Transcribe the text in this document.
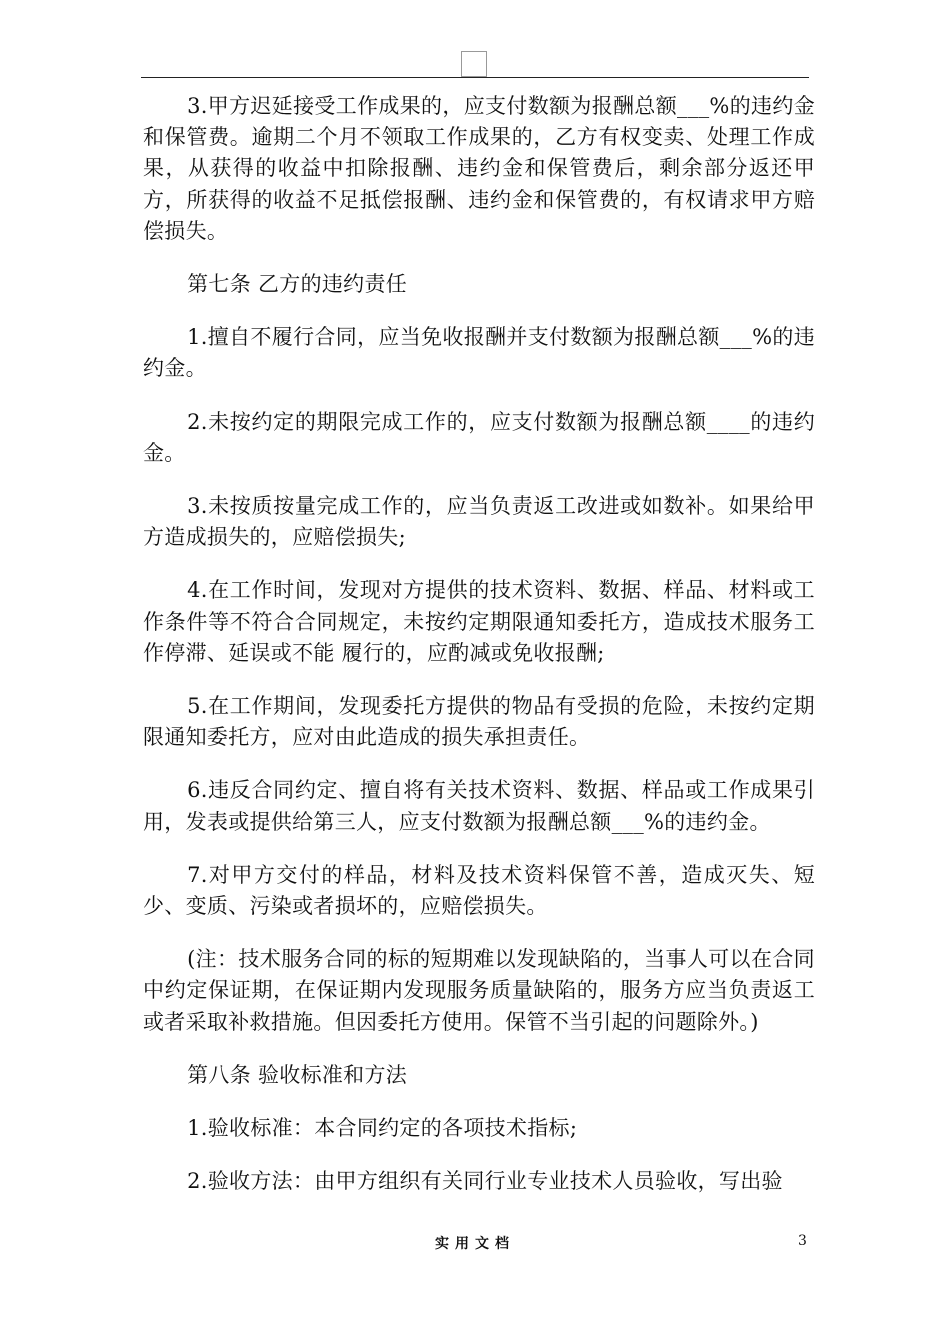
3.甲方迟延接受工作成果的，应支付数额为报酬总额___%的违约金和保管费。逾期二个月不领取工作成果的，乙方有权变卖、处理工作成果，从获得的收益中扣除报酬、违约金和保管费后，剩余部分返还甲方，所获得的收益不足抵偿报酬、违约金和保管费的，有权请求甲方赔偿损失。

第七条 乙方的违约责任

1.擅自不履行合同，应当免收报酬并支付数额为报酬总额___%的违约金。

2.未按约定的期限完成工作的，应支付数额为报酬总额____的违约金。

3.未按质按量完成工作的，应当负责返工改进或如数补。如果给甲方造成损失的，应赔偿损失;

4.在工作时间，发现对方提供的技术资料、数据、样品、材料或工作条件等不符合合同规定，未按约定期限通知委托方，造成技术服务工作停滞、延误或不能 履行的，应酌减或免收报酬;

5.在工作期间，发现委托方提供的物品有受损的危险，未按约定期限通知委托方，应对由此造成的损失承担责任。

6.违反合同约定、擅自将有关技术资料、数据、样品或工作成果引用，发表或提供给第三人，应支付数额为报酬总额___%的违约金。

7.对甲方交付的样品，材料及技术资料保管不善，造成灭失、短少、变质、污染或者损坏的，应赔偿损失。

(注：技术服务合同的标的短期难以发现缺陷的，当事人可以在合同中约定保证期，在保证期内发现服务质量缺陷的，服务方应当负责返工或者采取补救措施。但因委托方使用。保管不当引起的问题除外。)

第八条 验收标准和方法

1.验收标准：本合同约定的各项技术指标;

2.验收方法：由甲方组织有关同行业专业技术人员验收，写出验

实用文档	3
